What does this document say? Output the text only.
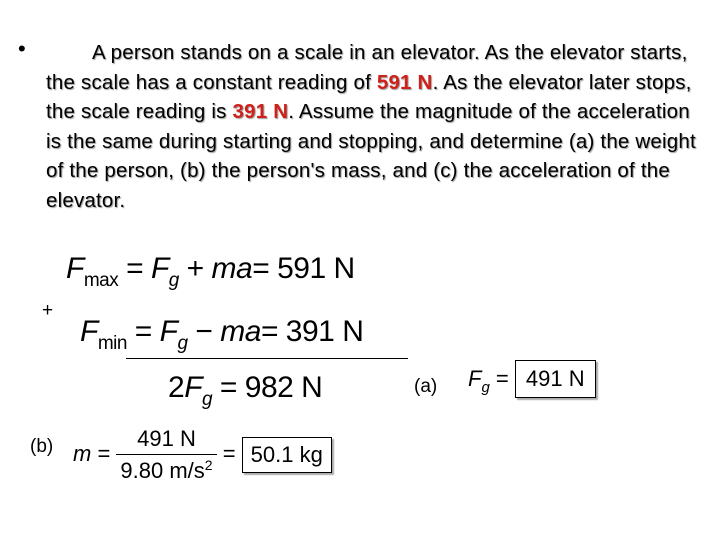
•	A person stands on a scale in an elevator. As the elevator starts, the scale has a constant reading of 591 N. As the elevator later stops, the scale reading is 391 N. Assume the magnitude of the acceleration is the same during starting and stopping, and determine (a) the weight of the person, (b) the person's mass, and (c) the acceleration of the elevator.
$F_{max} = F_g + ma= 591$ N
+
$F_{min} = F_g - ma= 391$ N
$2F_g = 982$ N	(a) $F_g = 491$ N
(b) $m = \frac{491 N}{9.80 m/s^2} = 50.1$ kg
